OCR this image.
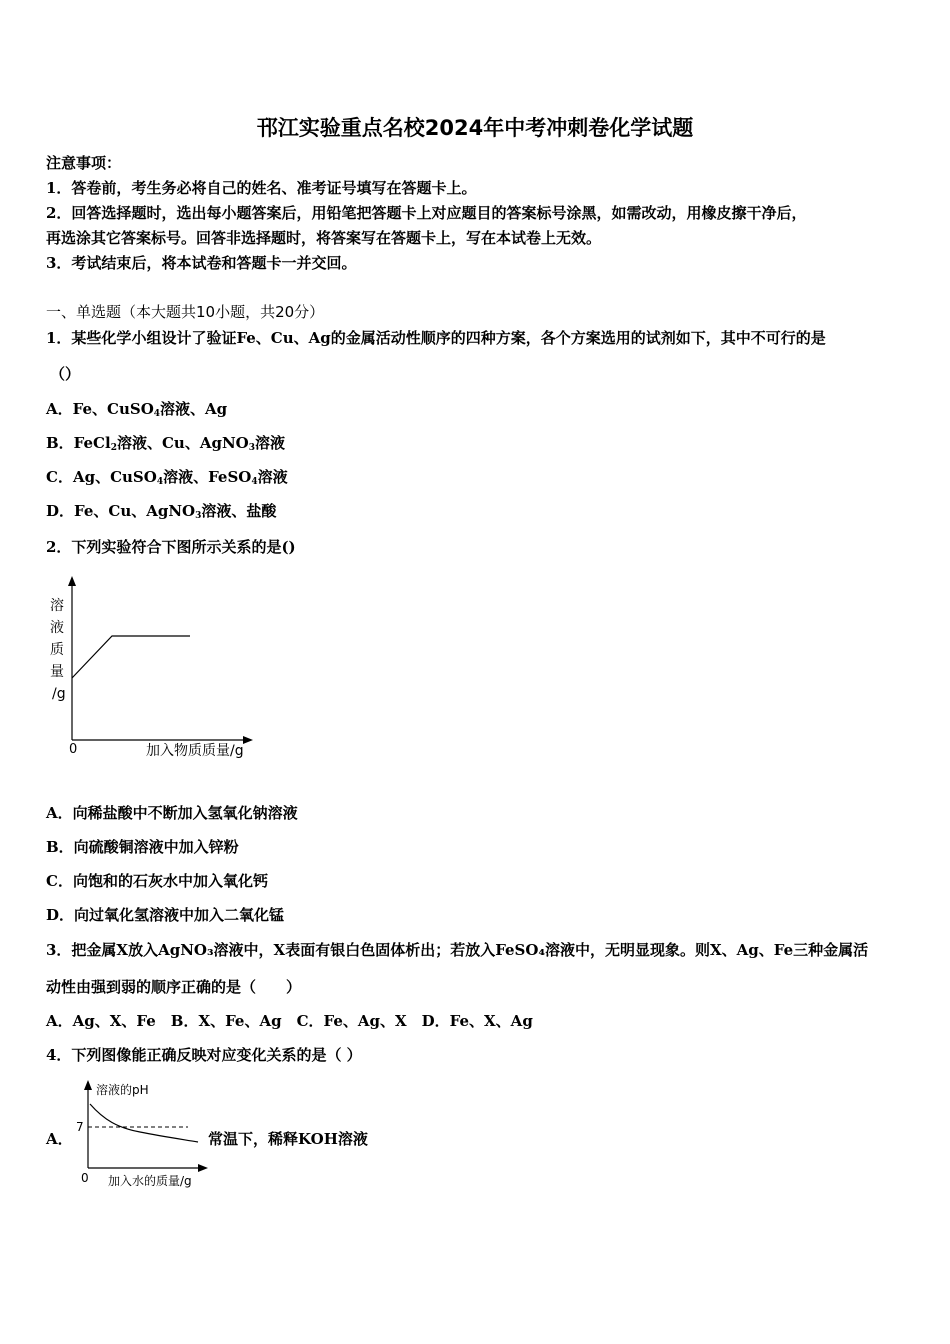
邗江实验重点名校2024年中考冲刺卷化学试题
注意事项：
1．答卷前，考生务必将自己的姓名、准考证号填写在答题卡上。
2．回答选择题时，选出每小题答案后，用铅笔把答题卡上对应题目的答案标号涂黑，如需改动，用橡皮擦干净后，
再选涂其它答案标号。回答非选择题时，将答案写在答题卡上，写在本试卷上无效。
3．考试结束后，将本试卷和答题卡一并交回。
一、单选题（本大题共10小题，共20分）
1．某些化学小组设计了验证Fe、Cu、Ag的金属活动性顺序的四种方案，各个方案选用的试剂如下，其中不可行的是
（）
A．Fe、CuSO$_4$溶液、Ag
B．FeCl$_2$溶液、Cu、AgNO$_3$溶液
C．Ag、CuSO$_4$溶液、FeSO$_4$溶液
D．Fe、Cu、AgNO$_3$溶液、盐酸
2．下列实验符合下图所示关系的是()
溶
液
质
量
/g
0	加入物质质量/g
A．向稀盐酸中不断加入氢氧化钠溶液
B．向硫酸铜溶液中加入锌粉
C．向饱和的石灰水中加入氧化钙
D．向过氧化氢溶液中加入二氧化锰
3．把金属X放入AgNO₃溶液中，X表面有银白色固体析出；若放入FeSO₄溶液中，无明显现象。则X、Ag、Fe三种金属活
动性由强到弱的顺序正确的是（　　）
A．Ag、X、Fe　B．X、Fe、Ag　C．Fe、Ag、X　D．Fe、X、Ag
4．下列图像能正确反映对应变化关系的是（ ）
A．
溶液的pH
7
0 加入水的质量/g
常温下，稀释KOH溶液
